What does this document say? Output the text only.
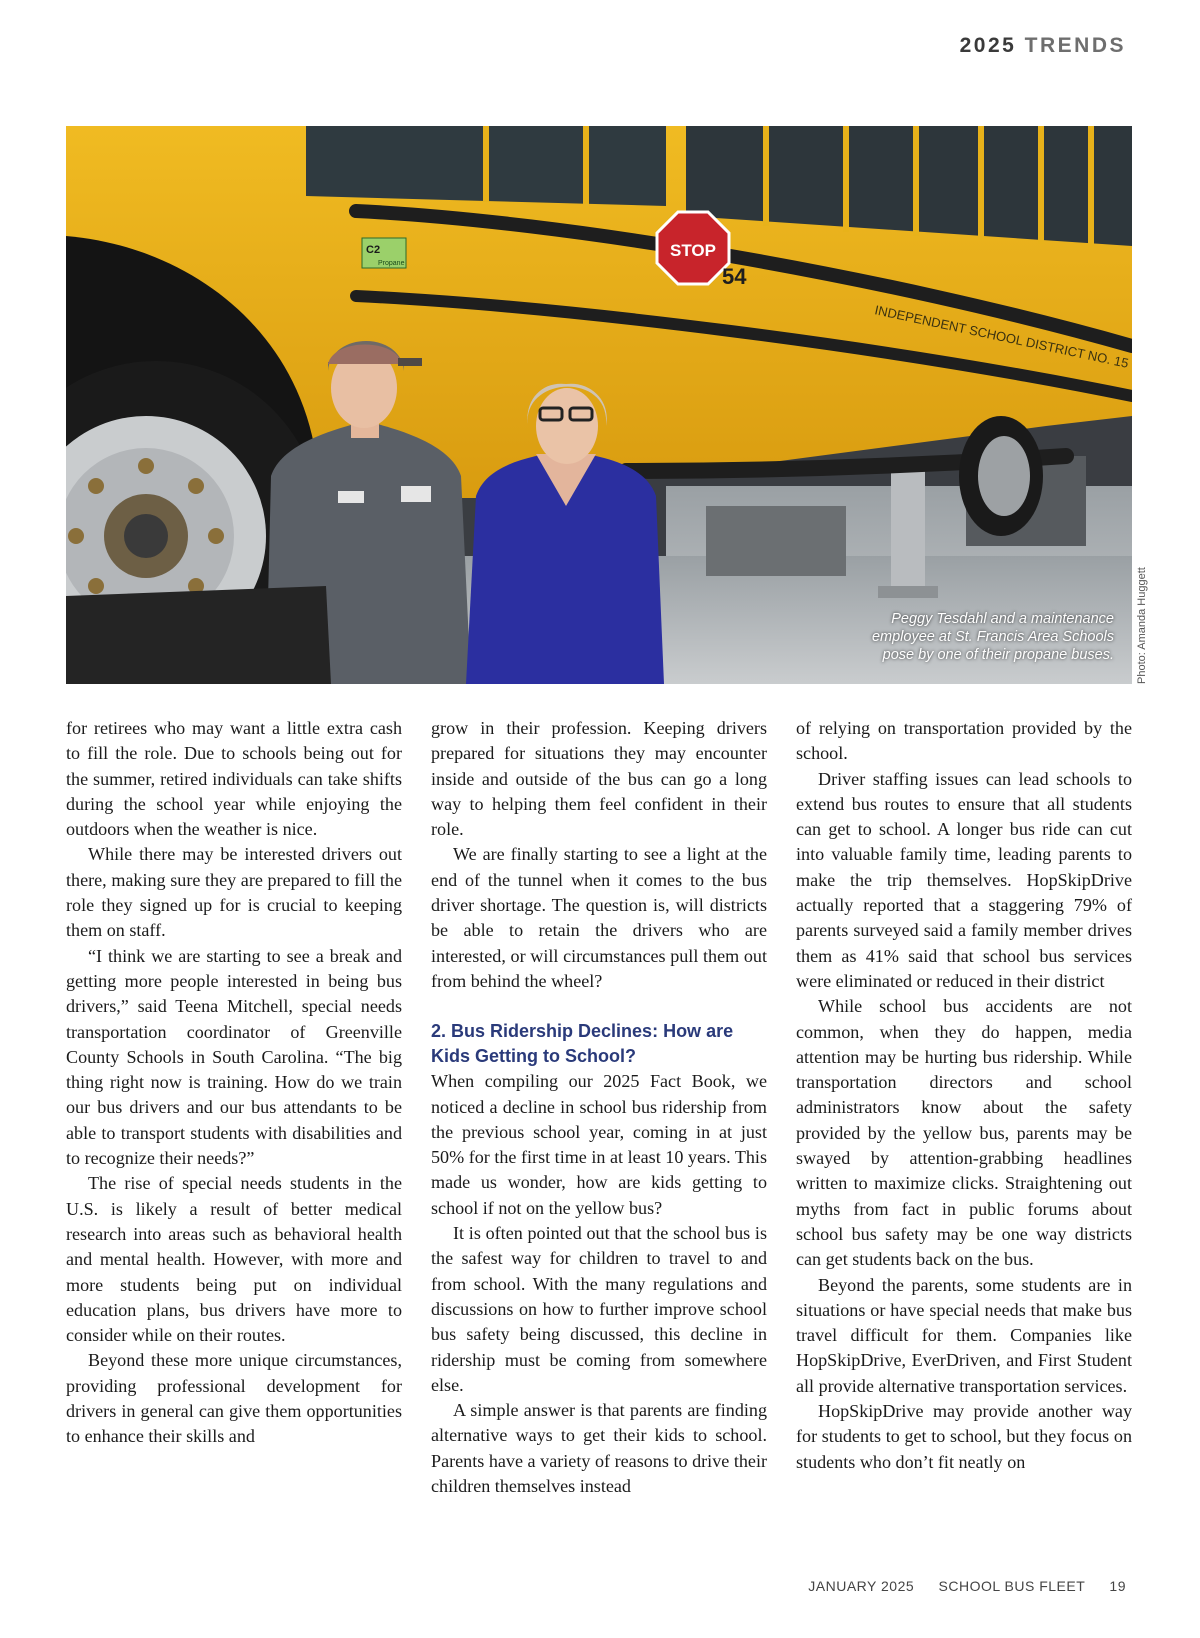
2025 TRENDS
STOP
54
INDEPENDENT SCHOOL DISTRICT NO. 15
C2
Propane
Peggy Tesdahl and a maintenance
employee at St. Francis Area Schools
pose by one of their propane buses. Photo: Amanda Huggett

for retirees who may want a little extra cash to fill the role. Due to schools being out for the summer, retired individuals can take shifts during the school year while enjoying the outdoors when the weather is nice.

While there may be interested drivers out there, making sure they are prepared to fill the role they signed up for is crucial to keeping them on staff.

“I think we are starting to see a break and getting more people interested in being bus drivers,” said Teena Mitchell, special needs transportation coordinator of Greenville County Schools in South Carolina. “The big thing right now is training. How do we train our bus drivers and our bus attendants to be able to transport students with disabilities and to recognize their needs?”

The rise of special needs students in the U.S. is likely a result of better medical research into areas such as behavioral health and mental health. However, with more and more students being put on individual education plans, bus drivers have more to consider while on their routes.

Beyond these more unique circumstances, providing professional development for drivers in general can give them opportunities to enhance their skills and

grow in their profession. Keeping drivers prepared for situations they may encounter inside and outside of the bus can go a long way to helping them feel confident in their role.

We are finally starting to see a light at the end of the tunnel when it comes to the bus driver shortage. The question is, will districts be able to retain the drivers who are interested, or will circumstances pull them out from behind the wheel?

2. Bus Ridership Declines: How are Kids Getting to School?

When compiling our 2025 Fact Book, we noticed a decline in school bus ridership from the previous school year, coming in at just 50% for the first time in at least 10 years. This made us wonder, how are kids getting to school if not on the yellow bus?

It is often pointed out that the school bus is the safest way for children to travel to and from school. With the many regulations and discussions on how to further improve school bus safety being discussed, this decline in ridership must be coming from somewhere else.

A simple answer is that parents are finding alternative ways to get their kids to school. Parents have a variety of reasons to drive their children themselves instead

of relying on transportation provided by the school.

Driver staffing issues can lead schools to extend bus routes to ensure that all students can get to school. A longer bus ride can cut into valuable family time, leading parents to make the trip themselves. HopSkipDrive actually reported that a staggering 79% of parents surveyed said a family member drives them as 41% said that school bus services were eliminated or reduced in their district

While school bus accidents are not common, when they do happen, media attention may be hurting bus ridership. While transportation directors and school administrators know about the safety provided by the yellow bus, parents may be swayed by attention-grabbing headlines written to maximize clicks. Straightening out myths from fact in public forums about school bus safety may be one way districts can get students back on the bus.

Beyond the parents, some students are in situations or have special needs that make bus travel difficult for them. Companies like HopSkipDrive, EverDriven, and First Student all provide alternative transportation services.

HopSkipDrive may provide another way for students to get to school, but they focus on students who don’t fit neatly on

JANUARY 2025 SCHOOL BUS FLEET 19
